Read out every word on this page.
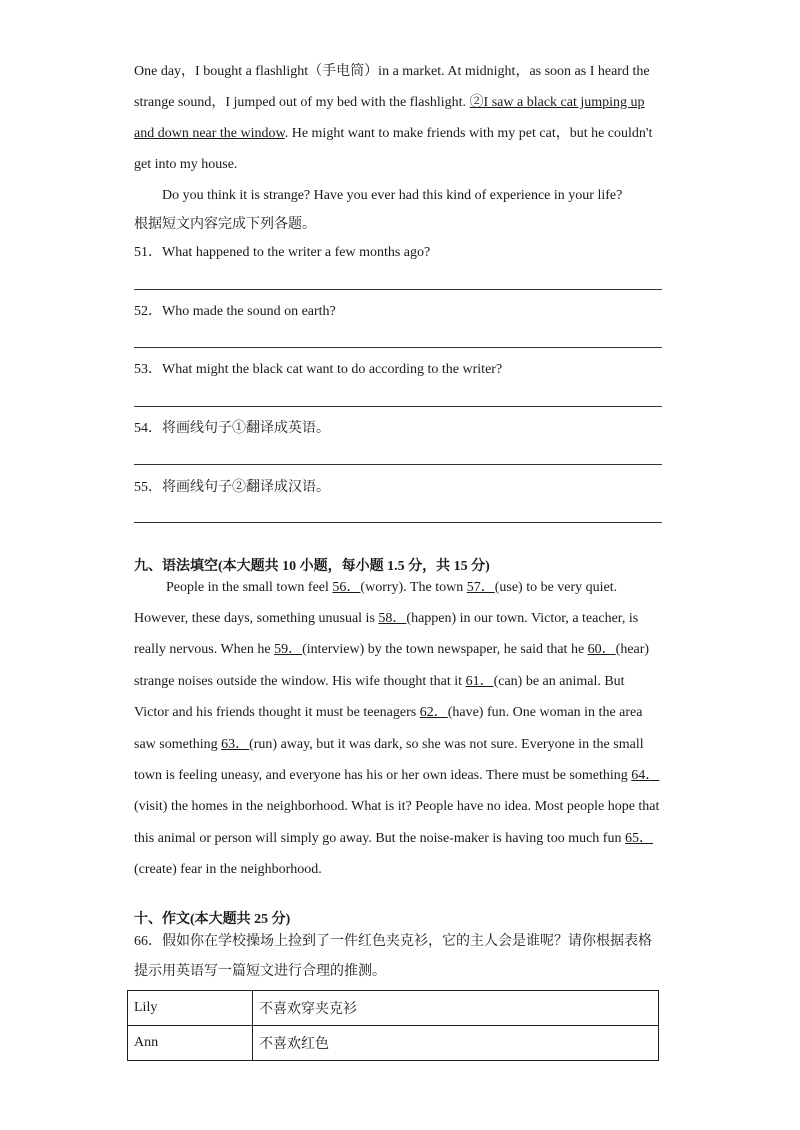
One day，I bought a flashlight（手电筒）in a market. At midnight，as soon as I heard the
strange sound，I jumped out of my bed with the flashlight. ②I saw a black cat jumping up
and down near the window. He might want to make friends with my pet cat，but he couldn't
get into my house.
Do you think it is strange? Have you ever had this kind of experience in your life?
根据短文内容完成下列各题。
51．What happened to the writer a few months ago?
52．Who made the sound on earth?
53．What might the black cat want to do according to the writer?
54．将画线句子①翻译成英语。
55．将画线句子②翻译成汉语。
九、语法填空(本大题共 10 小题，每小题 1.5 分，共 15 分)
People in the small town feel 56．(worry). The town 57．(use) to be very quiet.
However, these days, something unusual is 58．(happen) in our town. Victor, a teacher, is
really nervous. When he 59．(interview) by the town newspaper, he said that he 60．(hear)
strange noises outside the window. His wife thought that it 61．(can) be an animal. But
Victor and his friends thought it must be teenagers 62．(have) fun. One woman in the area
saw something 63．(run) away, but it was dark, so she was not sure. Everyone in the small
town is feeling uneasy, and everyone has his or her own ideas. There must be something 64．
(visit) the homes in the neighborhood. What is it? People have no idea. Most people hope that
this animal or person will simply go away. But the noise-maker is having too much fun 65．
(create) fear in the neighborhood.
十、作文(本大题共 25 分)
66．假如你在学校操场上捡到了一件红色夹克衫，它的主人会是谁呢？请你根据表格
提示用英语写一篇短文进行合理的推测。
Lily	不喜欢穿夹克衫
Ann	不喜欢红色
